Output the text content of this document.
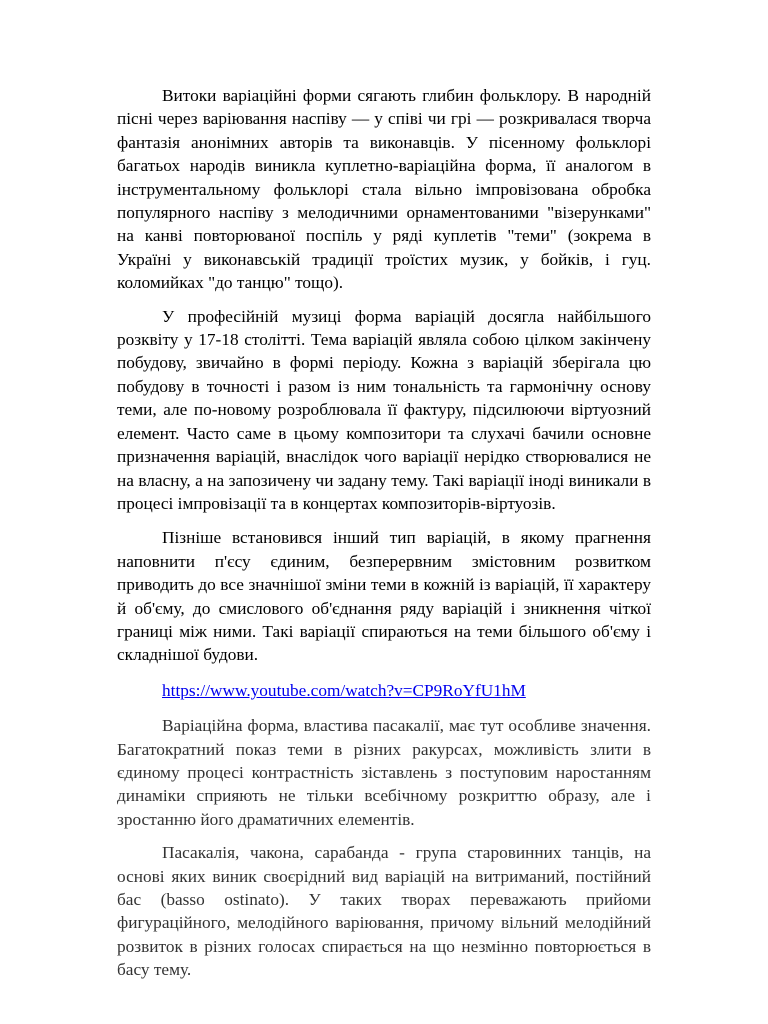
Витоки варіаційні форми сягають глибин фольклору. В народній пісні через варіювання наспіву — у співі чи грі — розкривалася творча фантазія анонімних авторів та виконавців. У пісенному фольклорі багатьох народів виникла куплетно-варіаційна форма, її аналогом в інструментальному фольклорі стала вільно імпровізована обробка популярного наспіву з мелодичними орнаментованими "візерунками" на канві повторюваної поспіль у ряді куплетів "теми" (зокрема в Україні у виконавській традиції троїстих музик, у бойків, і гуц. коломийках "до танцю" тощо).

У професійній музиці форма варіацій досягла найбільшого розквіту у 17-18 столітті. Тема варіацій являла собою цілком закінчену побудову, звичайно в формі періоду. Кожна з варіацій зберігала цю побудову в точності і разом із ним тональність та гармонічну основу теми, але по-новому розроблювала її фактуру, підсилюючи віртуозний елемент. Часто саме в цьому композитори та слухачі бачили основне призначення варіацій, внаслідок чого варіації нерідко створювалися не на власну, а на запозичену чи задану тему. Такі варіації іноді виникали в процесі імпровізації та в концертах композиторів-віртуозів.

Пізніше встановився інший тип варіацій, в якому прагнення наповнити п'єсу єдиним, безперервним змістовним розвитком приводить до все значнішої зміни теми в кожній із варіацій, її характеру й об'єму, до смислового об'єднання ряду варіацій і зникнення чіткої границі між ними. Такі варіації спираються на теми більшого об'єму і складнішої будови.

https://www.youtube.com/watch?v=CP9RoYfU1hM

Варіаційна форма, властива пасакалії, має тут особливе значення. Багатократний показ теми в різних ракурсах, можливість злити в єдиному процесі контрастність зіставлень з поступовим наростанням динаміки сприяють не тільки всебічному розкриттю образу, але і зростанню його драматичних елементів.

Пасакалія, чакона, сарабанда - група старовинних танців, на основі яких виник своєрідний вид варіацій на витриманий, постійний бас (basso ostinato). У таких творах переважають прийоми фигураційного, мелодійного варіювання, причому вільний мелодійний розвиток в різних голосах спирається на що незмінно повторюється в басу тему.
